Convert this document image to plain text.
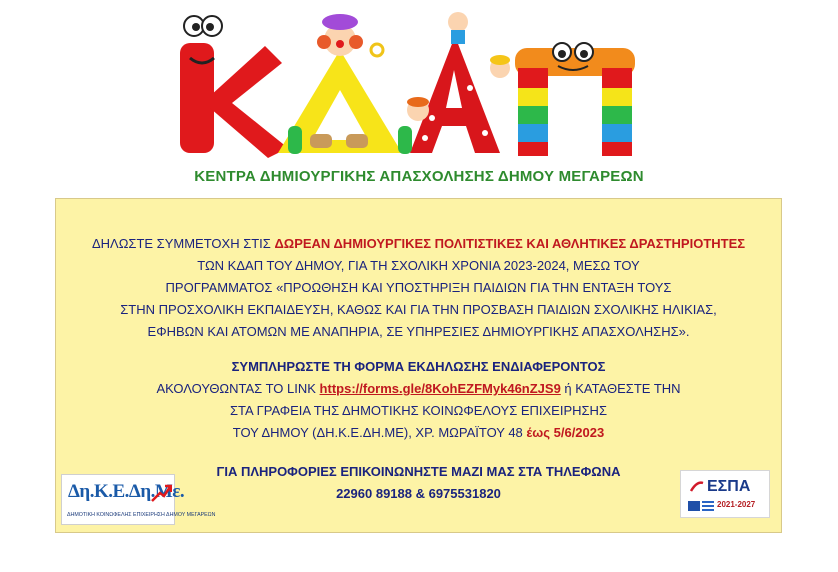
ΚΕΝΤΡΑ ΔΗΜΙΟΥΡΓΙΚΗΣ ΑΠΑΣΧΟΛΗΣΗΣ ΔΗΜΟΥ ΜΕΓΑΡΕΩΝ
ΔΗΛΩΣΤΕ ΣΥΜΜΕΤΟΧΗ ΣΤΙΣ ΔΩΡΕΑΝ ΔΗΜΙΟΥΡΓΙΚΕΣ ΠΟΛΙΤΙΣΤΙΚΕΣ ΚΑΙ ΑΘΛΗΤΙΚΕΣ ΔΡΑΣΤΗΡΙΟΤΗΤΕΣ
ΤΩΝ ΚΔΑΠ ΤΟΥ ΔΗΜΟΥ, ΓΙΑ ΤΗ ΣΧΟΛΙΚΗ ΧΡΟΝΙΑ 2023-2024, ΜΕΣΩ ΤΟΥ
ΠΡΟΓΡΑΜΜΑΤΟΣ «ΠΡΟΩΘΗΣΗ ΚΑΙ ΥΠΟΣΤΗΡΙΞΗ ΠΑΙΔΙΩΝ ΓΙΑ ΤΗΝ ΕΝΤΑΞΗ ΤΟΥΣ
ΣΤΗΝ ΠΡΟΣΧΟΛΙΚΗ ΕΚΠΑΙΔΕΥΣΗ, ΚΑΘΩΣ ΚΑΙ ΓΙΑ ΤΗΝ ΠΡΟΣΒΑΣΗ ΠΑΙΔΙΩΝ ΣΧΟΛΙΚΗΣ ΗΛΙΚΙΑΣ,
ΕΦΗΒΩΝ ΚΑΙ ΑΤΟΜΩΝ ΜΕ ΑΝΑΠΗΡΙΑ, ΣΕ ΥΠΗΡΕΣΙΕΣ ΔΗΜΙΟΥΡΓΙΚΗΣ ΑΠΑΣΧΟΛΗΣΗΣ».
ΣΥΜΠΛΗΡΩΣΤΕ ΤΗ ΦΟΡΜΑ ΕΚΔΗΛΩΣΗΣ ΕΝΔΙΑΦΕΡΟΝΤΟΣ
ΑΚΟΛΟΥΘΩΝΤΑΣ ΤΟ LINK https://forms.gle/8KohEZFMyk46nZJS9 ή ΚΑΤΑΘΕΣΤΕ ΤΗΝ
ΣΤΑ ΓΡΑΦΕΙΑ ΤΗΣ ΔΗΜΟΤΙΚΗΣ ΚΟΙΝΩΦΕΛΟΥΣ ΕΠΙΧΕΙΡΗΣΗΣ
ΤΟΥ ΔΗΜΟΥ (ΔΗ.Κ.Ε.ΔΗ.ΜΕ), ΧΡ. ΜΩΡΑΪΤΟΥ 48 έως 5/6/2023
ΓΙΑ ΠΛΗΡΟΦΟΡΙΕΣ ΕΠΙΚΟΙΝΩΝΗΣΤΕ ΜΑΖΙ ΜΑΣ ΣΤΑ ΤΗΛΕΦΩΝΑ
22960 89188 & 6975531820
Δη.Κ.Ε.Δη.Με.
ΔΗΜΟΤΙΚΗ ΚΟΙΝΩΦΕΛΗΣ ΕΠΙΧΕΙΡΗΣΗ ΔΗΜΟΥ ΜΕΓΑΡΕΩΝ
ΕΣΠΑ
2021-2027
